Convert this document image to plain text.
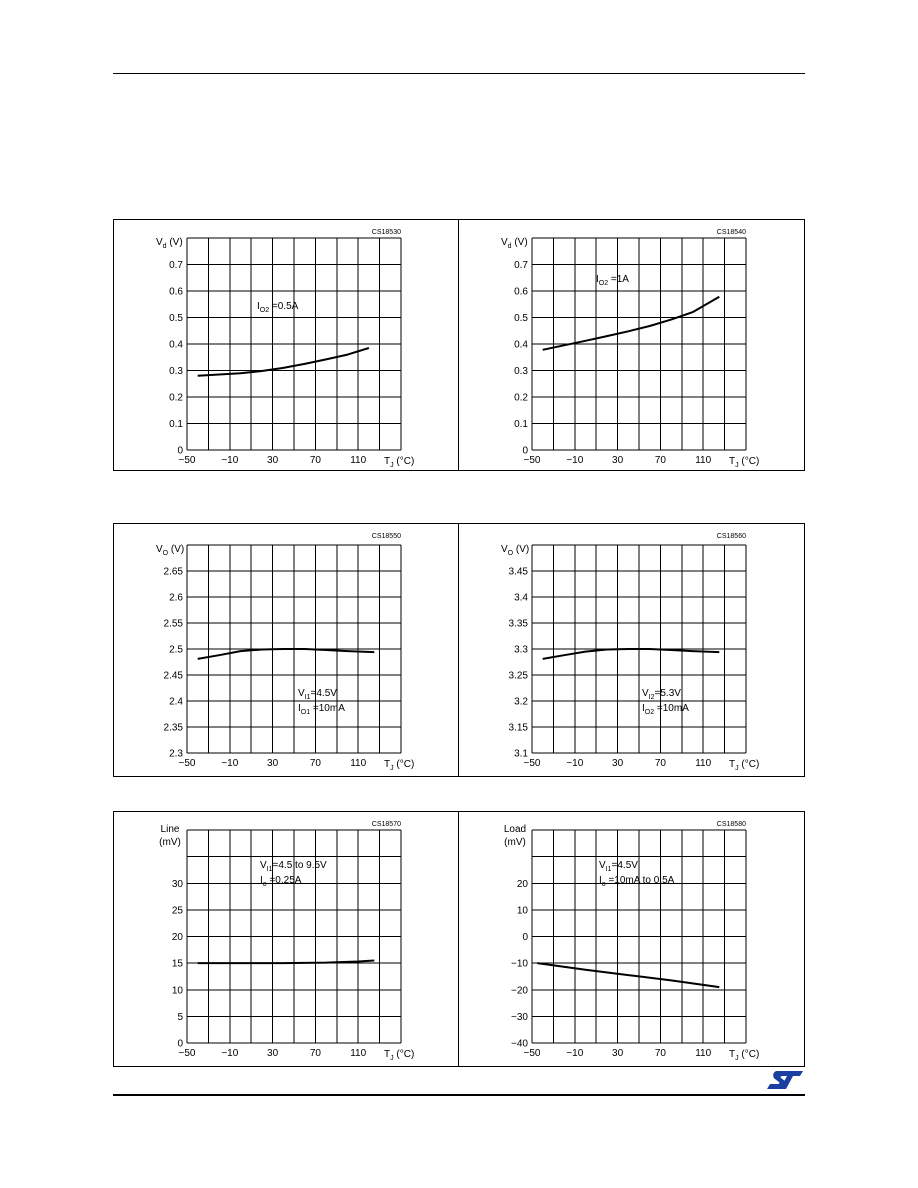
CS18530
0
0.1
0.2
0.3
0.4
0.5
0.6
0.7
−50	−10	30	70	110
$V_d$ (V)
$T_J$ (°C)
$I_{O2} =0.5A$
CS18540
0
0.1
0.2
0.3
0.4
0.5
0.6
0.7
−50	−10	30	70	110
$V_d$ (V)
$T_J$ (°C)
$I_{O2} =1A$
CS18550
2.3
2.35
2.4
2.45
2.5
2.55
2.6
2.65
−50	−10	30	70	110
$V_O$ (V)
$T_J$ (°C)
$V_{I1}=4.5V$
$I_{O1} =10mA$
CS18560
3.1
3.15
3.2
3.25
3.3
3.35
3.4
3.45
−50	−10	30	70	110
$V_O$ (V)
$T_J$ (°C)
$V_{I2}=5.3V$
$I_{O2} =10mA$
CS18570
0
5
10
15
20
25
30
−50	−10	30	70	110
Line
(mV)
$T_J$ (°C)
$V_{I1}=4.5$ to 9.5V
$I_o =0.25A$
CS18580
−40
−30
−20
−10
0
10
20
−50	−10	30	70	110
Load
(mV)
$T_J$ (°C)
$V_{I1}=4.5V$
$I_o =10mA$ to 0.5A
